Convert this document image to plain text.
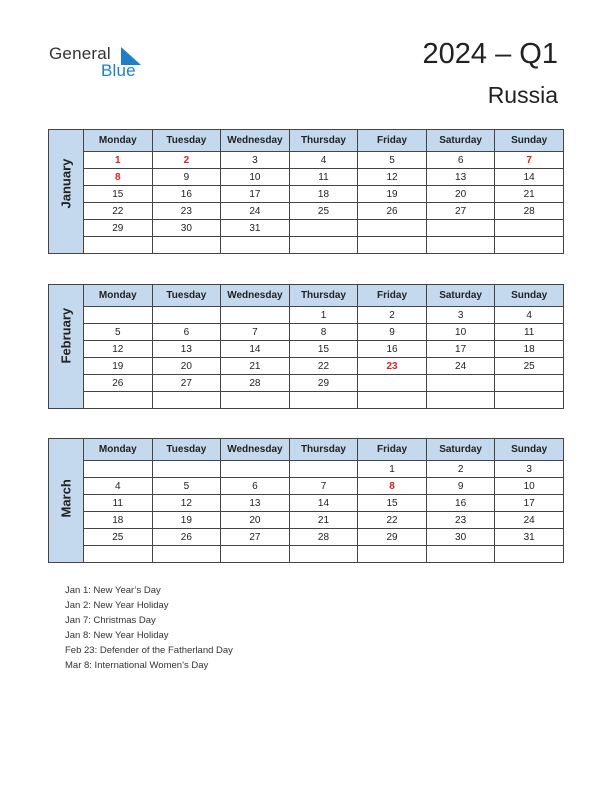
General
Blue
2024 – Q1
Russia
January	Monday	Tuesday	Wednesday	Thursday	Friday	Saturday	Sunday
	1	2	3	4	5	6	7
	8	9	10	11	12	13	14
	15	16	17	18	19	20	21
	22	23	24	25	26	27	28
	29	30	31				

February	Monday	Tuesday	Wednesday	Thursday	Friday	Saturday	Sunday
				1	2	3	4
	5	6	7	8	9	10	11
	12	13	14	15	16	17	18
	19	20	21	22	23	24	25
	26	27	28	29			

March	Monday	Tuesday	Wednesday	Thursday	Friday	Saturday	Sunday
					1	2	3
	4	5	6	7	8	9	10
	11	12	13	14	15	16	17
	18	19	20	21	22	23	24
	25	26	27	28	29	30	31

Jan 1: New Year’s Day
Jan 2: New Year Holiday
Jan 7: Christmas Day
Jan 8: New Year Holiday
Feb 23: Defender of the Fatherland Day
Mar 8: International Women’s Day
